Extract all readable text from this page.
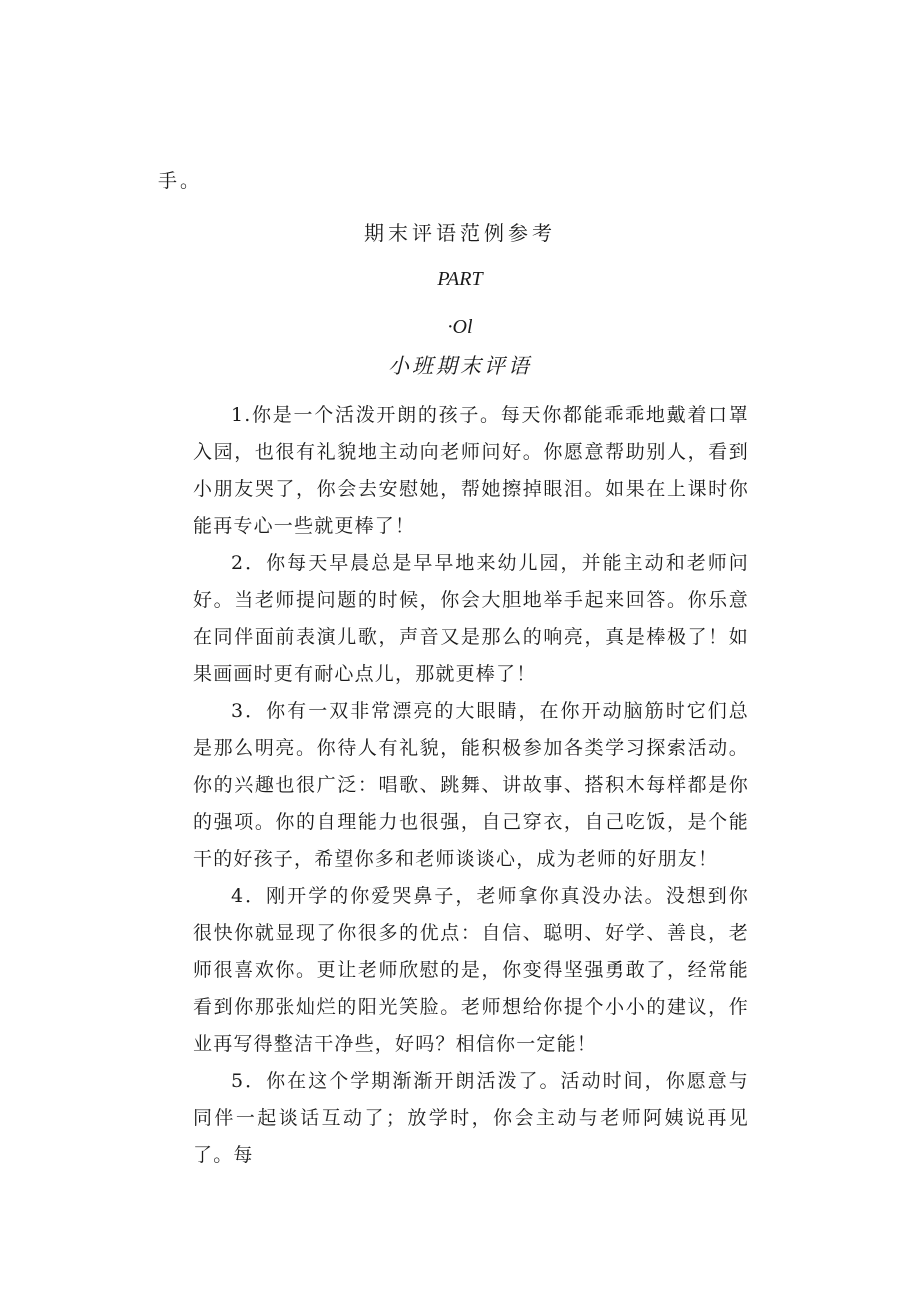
手。
期末评语范例参考
PART
·Ol
小班期末评语

1.你是一个活泼开朗的孩子。每天你都能乖乖地戴着口罩入园，也很有礼貌地主动向老师问好。你愿意帮助别人，看到小朋友哭了，你会去安慰她，帮她擦掉眼泪。如果在上课时你能再专心一些就更棒了！

2．你每天早晨总是早早地来幼儿园，并能主动和老师问好。当老师提问题的时候，你会大胆地举手起来回答。你乐意在同伴面前表演儿歌，声音又是那么的响亮，真是棒极了！如果画画时更有耐心点儿，那就更棒了！

3．你有一双非常漂亮的大眼睛，在你开动脑筋时它们总是那么明亮。你待人有礼貌，能积极参加各类学习探索活动。你的兴趣也很广泛：唱歌、跳舞、讲故事、搭积木每样都是你的强项。你的自理能力也很强，自己穿衣，自己吃饭，是个能干的好孩子，希望你多和老师谈谈心，成为老师的好朋友！

4．刚开学的你爱哭鼻子，老师拿你真没办法。没想到你很快你就显现了你很多的优点：自信、聪明、好学、善良，老师很喜欢你。更让老师欣慰的是，你变得坚强勇敢了，经常能看到你那张灿烂的阳光笑脸。老师想给你提个小小的建议，作业再写得整洁干净些，好吗？相信你一定能！

5．你在这个学期渐渐开朗活泼了。活动时间，你愿意与同伴一起谈话互动了；放学时，你会主动与老师阿姨说再见了。每
